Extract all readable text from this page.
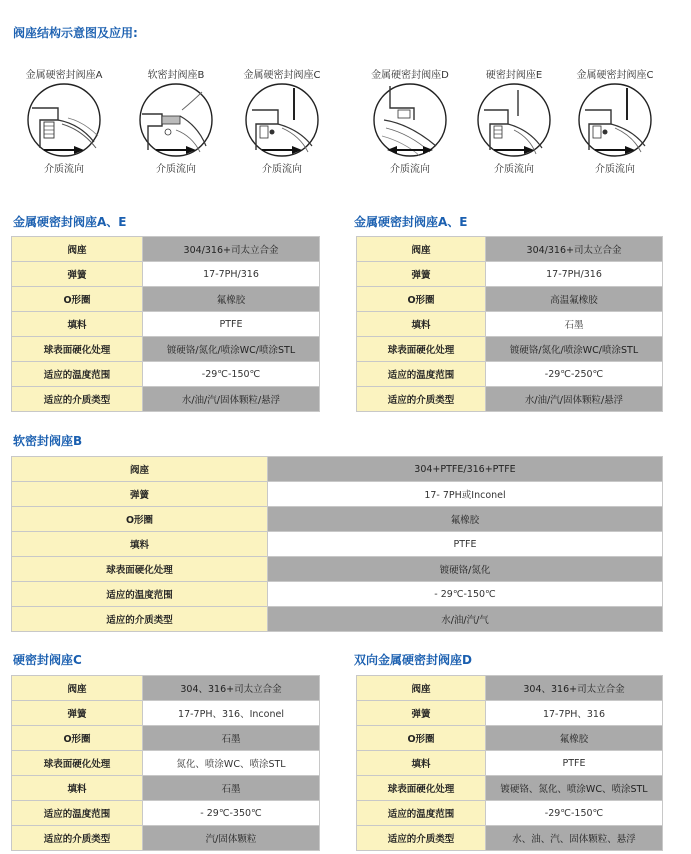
阀座结构示意图及应用:
金属硬密封阀座A
介质流向
软密封阀座B
介质流向
金属硬密封阀座C
介质流向
金属硬密封阀座D
介质流向
硬密封阀座E
介质流向
金属硬密封阀座C
介质流向
金属硬密封阀座A、E
阀座	304/316+司太立合金
弹簧	17-7PH/316
O形圈	氟橡胶
填料	PTFE
球表面硬化处理	镀硬铬/氮化/喷涂WC/喷涂STL
适应的温度范围	-29℃-150℃
适应的介质类型	水/油/汽/固体颗粒/悬浮
金属硬密封阀座A、E
阀座	304/316+司太立合金
弹簧	17-7PH/316
O形圈	高温氟橡胶
填料	石墨
球表面硬化处理	镀硬铬/氮化/喷涂WC/喷涂STL
适应的温度范围	-29℃-250℃
适应的介质类型	水/油/汽/固体颗粒/悬浮
软密封阀座B
阀座	304+PTFE/316+PTFE
弹簧	17- 7PH或Inconel
O形圈	氟橡胶
填料	PTFE
球表面硬化处理	镀硬铬/氮化
适应的温度范围	- 29℃-150℃
适应的介质类型	水/油/汽/气
硬密封阀座C
阀座	304、316+司太立合金
弹簧	17-7PH、316、Inconel
O形圈	石墨
球表面硬化处理	氮化、喷涂WC、喷涂STL
填料	石墨
适应的温度范围	- 29℃-350℃
适应的介质类型	汽/固体颗粒
双向金属硬密封阀座D
阀座	304、316+司太立合金
弹簧	17-7PH、316
O形圈	氟橡胶
填料	PTFE
球表面硬化处理	镀硬铬、氮化、喷涂WC、喷涂STL
适应的温度范围	-29℃-150℃
适应的介质类型	水、油、汽、固体颗粒、悬浮
